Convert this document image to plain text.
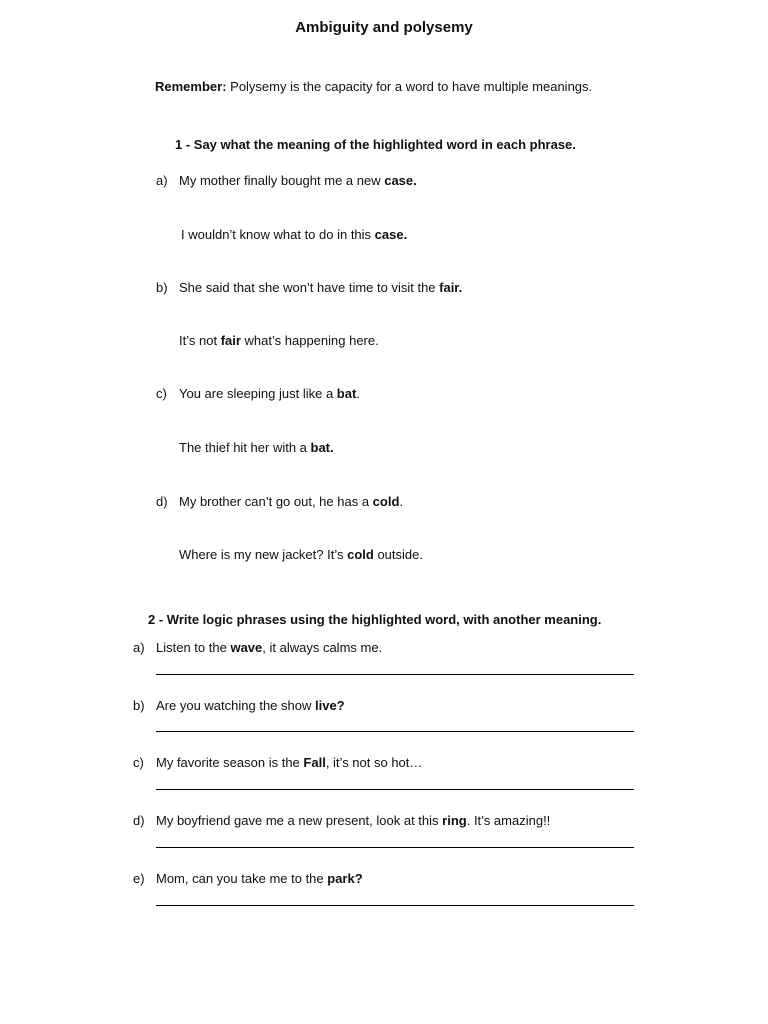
Ambiguity and polysemy
Remember: Polysemy is the capacity for a word to have multiple meanings.
1 - Say what the meaning of the highlighted word in each phrase.
a) My mother finally bought me a new case.
I wouldn’t know what to do in this case.
b) She said that she won’t have time to visit the fair.
It’s not fair what’s happening here.
c) You are sleeping just like a bat.
The thief hit her with a bat.
d) My brother can’t go out, he has a cold.
Where is my new jacket? It’s cold outside.
2 - Write logic phrases using the highlighted word, with another meaning.
a) Listen to the wave, it always calms me.
b) Are you watching the show live?
c) My favorite season is the Fall, it’s not so hot…
d) My boyfriend gave me a new present, look at this ring. It’s amazing!!
e) Mom, can you take me to the park?
